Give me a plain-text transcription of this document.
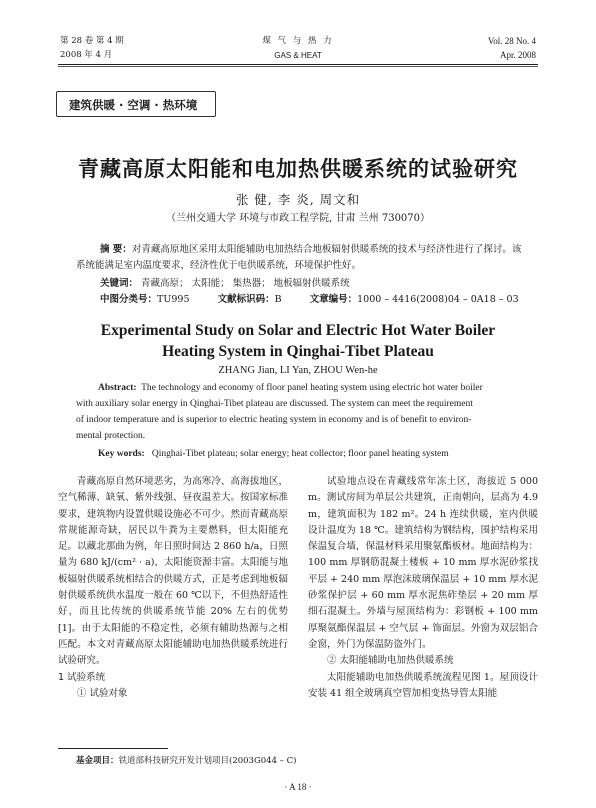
第 28 卷 第 4 期
2008 年 4 月
煤 气 与 热 力
GAS & HEAT
Vol. 28 No. 4
Apr. 2008
建筑供暖 · 空调 · 热环境
青藏高原太阳能和电加热供暖系统的试验研究
张 健, 李 炎, 周文和
（兰州交通大学 环境与市政工程学院, 甘肃 兰州 730070）
摘 要：对青藏高原地区采用太阳能辅助电加热结合地板辐射供暖系统的技术与经济性进行了探讨。该系统能满足室内温度要求，经济性优于电供暖系统，环境保护性好。
关键词： 青藏高原； 太阳能； 集热器； 地板辐射供暖系统
中图分类号：TU995	文献标识码：B	文章编号：1000 – 4416(2008)04 – 0A18 – 03
Experimental Study on Solar and Electric Hot Water Boiler
Heating System in Qinghai-Tibet Plateau
ZHANG Jian, LI Yan, ZHOU Wen-he
Abstract: The technology and economy of floor panel heating system using electric hot water boiler
with auxiliary solar energy in Qinghai-Tibet plateau are discussed. The system can meet the requirement
of indoor temperature and is superior to electric heating system in economy and is of benefit to environ-
mental protection.
Key words: Qinghai-Tibet plateau; solar energy; heat collector; floor panel heating system

青藏高原自然环境恶劣，为高寒冷、高海拔地区，空气稀薄、缺氧、紫外线强、昼夜温差大。按国家标准要求，建筑物内设置供暖设施必不可少。然而青藏高原常规能源奇缺，居民以牛粪为主要燃料，但太阳能充足。以藏北那曲为例，年日照时间达 2 860 h/a，日照量为 680 kJ/(cm² · a)，太阳能资源丰富。太阳能与地板辐射供暖系统相结合的供暖方式，正是考虑到地板辐射供暖系统供水温度一般在 60 ℃以下，不但热舒适性好，而且比传统的供暖系统节能 20% 左右的优势[1]。由于太阳能的不稳定性，必须有辅助热源与之相匹配。本文对青藏高原太阳能辅助电加热供暖系统进行试验研究。

1 试验系统

① 试验对象

试验地点设在青藏线常年冻土区，海拔近 5 000 m。测试房间为单层公共建筑，正南朝向，层高为 4.9 m，建筑面积为 182 m²。24 h 连续供暖，室内供暖设计温度为 18 ℃。建筑结构为钢结构，围护结构采用保温复合墙，保温材料采用聚氨酯板材。地面结构为：100 mm 厚钢筋混凝土楼板 + 10 mm 厚水泥砂浆找平层 + 240 mm 厚泡沫玻璃保温层 + 10 mm 厚水泥砂浆保护层 + 60 mm 厚水泥焦砟垫层 + 20 mm 厚细石混凝土。外墙与屋顶结构为：彩钢板 + 100 mm 厚聚氨酯保温层 + 空气层 + 饰面层。外窗为双层铝合金窗，外门为保温防盗外门。

② 太阳能辅助电加热供暖系统

太阳能辅助电加热供暖系统流程见图 1。屋顶设计安装 41 组全玻璃真空管加相变热导管太阳能

基金项目：铁道部科技研究开发计划项目(2003G044 – C)
· A 18 ·
